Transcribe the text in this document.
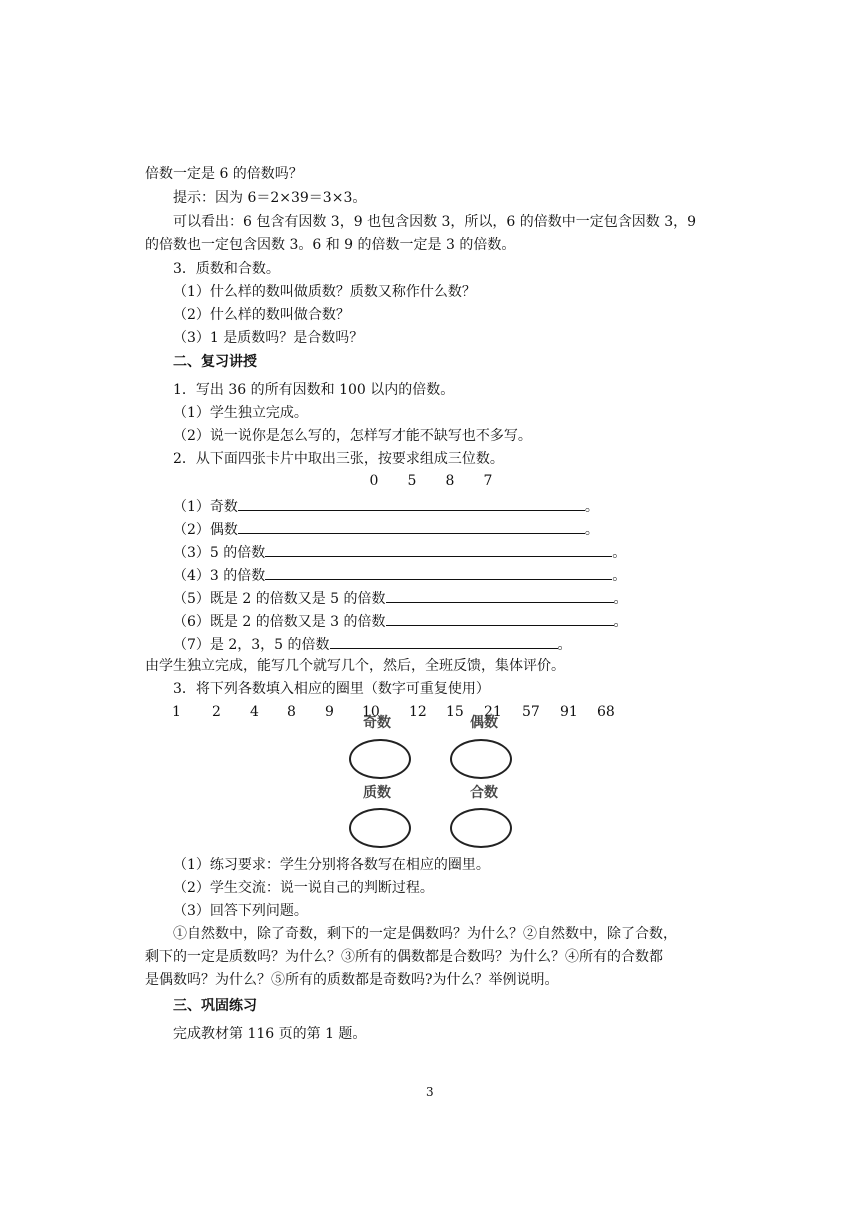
倍数一定是 6 的倍数吗？
提示：因为 6＝2×39＝3×3。
可以看出：6 包含有因数 3，9 也包含因数 3，所以，6 的倍数中一定包含因数 3，9
的倍数也一定包含因数 3。6 和 9 的倍数一定是 3 的倍数。
3．质数和合数。
（1）什么样的数叫做质数？质数又称作什么数？
（2）什么样的数叫做合数？
（3）1 是质数吗？是合数吗？
二、复习讲授
1．写出 36 的所有因数和 100 以内的倍数。
（1）学生独立完成。
（2）说一说你是怎么写的，怎样写才能不缺写也不多写。
2．从下面四张卡片中取出三张，按要求组成三位数。
0 5 8 7
（1）奇数	。
（2）偶数	。
（3）5 的倍数	。
（4）3 的倍数	。
（5）既是 2 的倍数又是 5 的倍数	。
（6）既是 2 的倍数又是 3 的倍数	。
（7）是 2，3，5 的倍数	。
由学生独立完成，能写几个就写几个，然后，全班反馈，集体评价。
3．将下列各数填入相应的圈里（数字可重复使用）
1 2 4 8 9 10 12 15 21 57 91 68
奇数	偶数
质数	合数
（1）练习要求：学生分别将各数写在相应的圈里。
（2）学生交流：说一说自己的判断过程。
（3）回答下列问题。
①自然数中，除了奇数，剩下的一定是偶数吗？为什么？②自然数中，除了合数，
剩下的一定是质数吗？为什么？③所有的偶数都是合数吗？为什么？④所有的合数都
是偶数吗？为什么？⑤所有的质数都是奇数吗?为什么？举例说明。
三、巩固练习
完成教材第 116 页的第 1 题。
3
